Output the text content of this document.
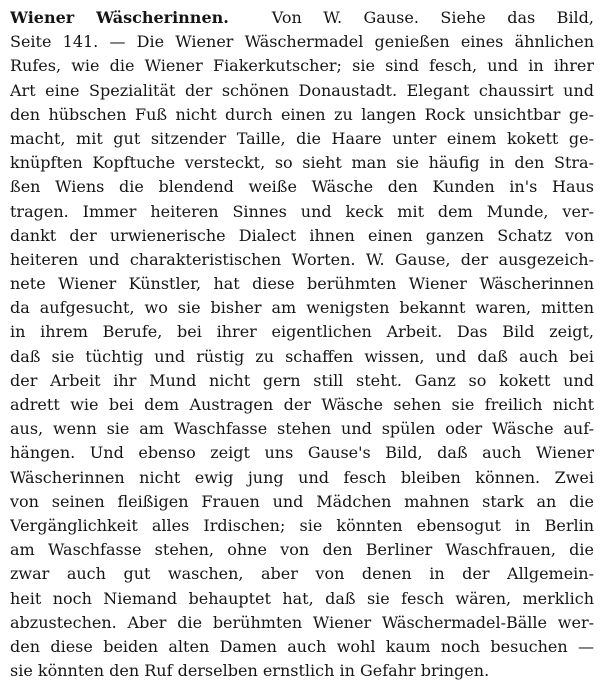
Wiener Wäscherinnen.	Von W. Gause. Siehe das Bild,
Seite 141. — Die Wiener Wäschermadel genießen eines ähnlichen
Rufes, wie die Wiener Fiakerkutscher; sie sind fesch, und in ihrer
Art eine Spezialität der schönen Donaustadt. Elegant chaussirt und
den hübschen Fuß nicht durch einen zu langen Rock unsichtbar ge-
macht, mit gut sitzender Taille, die Haare unter einem kokett ge-
knüpften Kopftuche versteckt, so sieht man sie häufig in den Stra-
ßen Wiens die blendend weiße Wäsche den Kunden in's Haus
tragen. Immer heiteren Sinnes und keck mit dem Munde, ver-
dankt der urwienerische Dialect ihnen einen ganzen Schatz von
heiteren und charakteristischen Worten. W. Gause, der ausgezeich-
nete Wiener Künstler, hat diese berühmten Wiener Wäscherinnen
da aufgesucht, wo sie bisher am wenigsten bekannt waren, mitten
in ihrem Berufe, bei ihrer eigentlichen Arbeit. Das Bild zeigt,
daß sie tüchtig und rüstig zu schaffen wissen, und daß auch bei
der Arbeit ihr Mund nicht gern still steht. Ganz so kokett und
adrett wie bei dem Austragen der Wäsche sehen sie freilich nicht
aus, wenn sie am Waschfasse stehen und spülen oder Wäsche auf-
hängen. Und ebenso zeigt uns Gause's Bild, daß auch Wiener
Wäscherinnen nicht ewig jung und fesch bleiben können. Zwei
von seinen fleißigen Frauen und Mädchen mahnen stark an die
Vergänglichkeit alles Irdischen; sie könnten ebensogut in Berlin
am Waschfasse stehen, ohne von den Berliner Waschfrauen, die
zwar auch gut waschen, aber von denen in der Allgemein-
heit noch Niemand behauptet hat, daß sie fesch wären, merklich
abzustechen. Aber die berühmten Wiener Wäschermadel-Bälle wer-
den diese beiden alten Damen auch wohl kaum noch besuchen —
sie könnten den Ruf derselben ernstlich in Gefahr bringen.
